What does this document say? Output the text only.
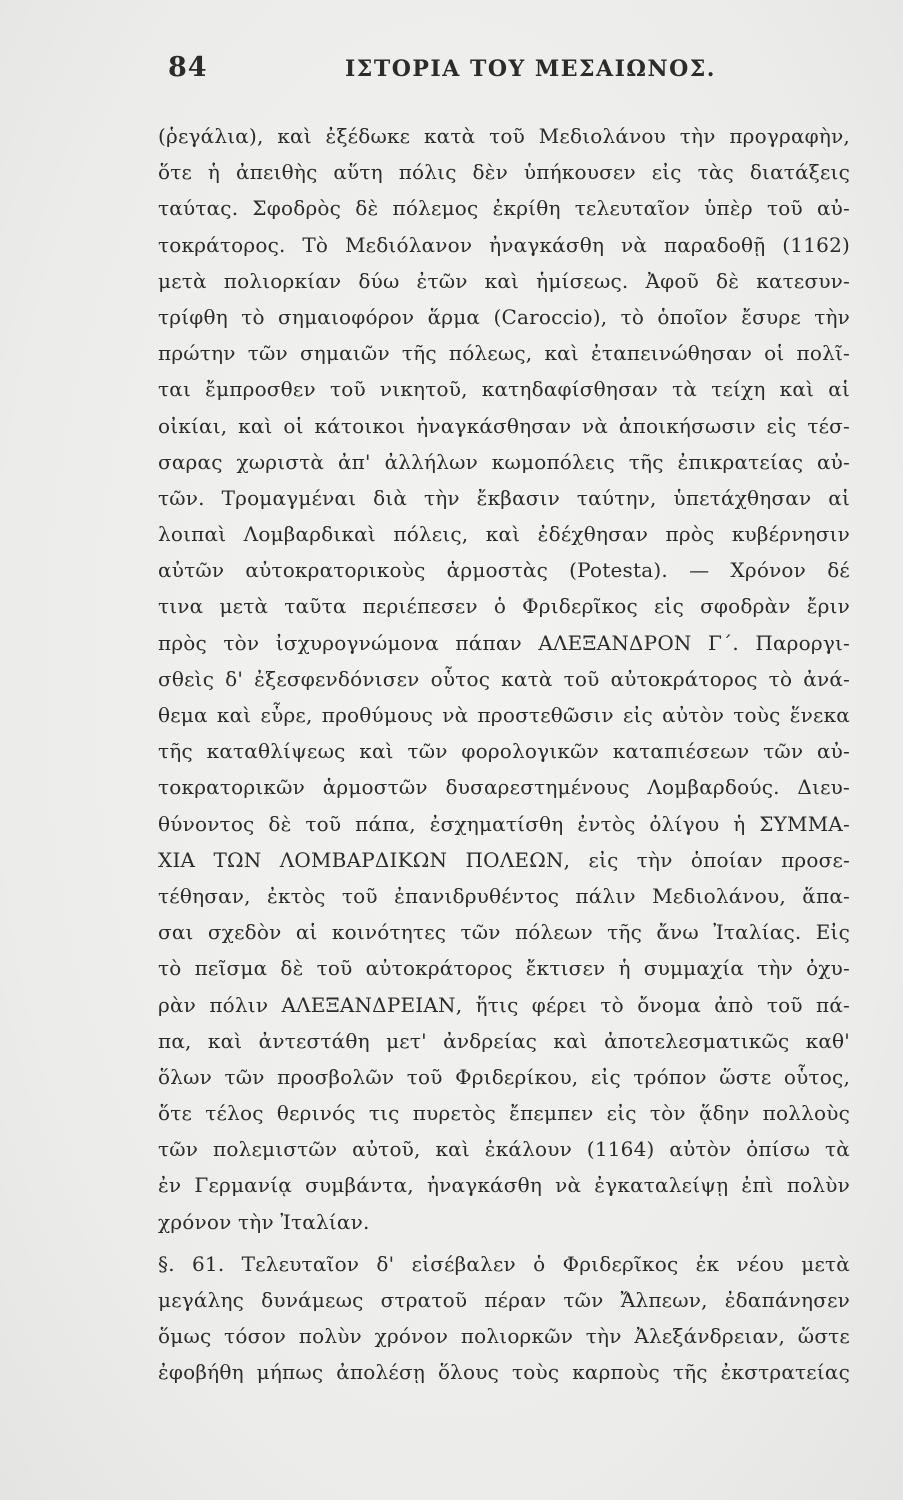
84	ΙΣΤΟΡΙΑ ΤΟΥ ΜΕΣΑΙΩΝΟΣ.
(ῥεγάλια), καὶ ἐξέδωκε κατὰ τοῦ Μεδιολάνου τὴν προγραφὴν,
ὅτε ἡ ἀπειθὴς αὕτη πόλις δὲν ὑπήκουσεν εἰς τὰς διατάξεις
ταύτας. Σφοδρὸς δὲ πόλεμος ἐκρίθη τελευταῖον ὑπὲρ τοῦ αὐ-
τοκράτορος. Τὸ Μεδιόλανον ἠναγκάσθη νὰ παραδοθῇ (1162)
μετὰ πολιορκίαν δύω ἐτῶν καὶ ἡμίσεως. Ἀφοῦ δὲ κατεσυν-
τρίφθη τὸ σημαιοφόρον ἅρμα (Caroccio), τὸ ὁποῖον ἔσυρε τὴν
πρώτην τῶν σημαιῶν τῆς πόλεως, καὶ ἐταπεινώθησαν οἱ πολῖ-
ται ἔμπροσθεν τοῦ νικητοῦ, κατηδαφίσθησαν τὰ τείχη καὶ αἱ
οἰκίαι, καὶ οἱ κάτοικοι ἠναγκάσθησαν νὰ ἀποικήσωσιν εἰς τέσ-
σαρας χωριστὰ ἀπ' ἀλλήλων κωμοπόλεις τῆς ἐπικρατείας αὐ-
τῶν. Τρομαγμέναι διὰ τὴν ἔκβασιν ταύτην, ὑπετάχθησαν αἱ
λοιπαὶ Λομβαρδικαὶ πόλεις, καὶ ἐδέχθησαν πρὸς κυβέρνησιν
αὐτῶν αὐτοκρατορικοὺς ἁρμοστὰς (Potesta). — Χρόνον δέ
τινα μετὰ ταῦτα περιέπεσεν ὁ Φριδερῖκος εἰς σφοδρὰν ἔριν
πρὸς τὸν ἰσχυρογνώμονα πάπαν ΑΛΕΞΑΝΔΡΟΝ Γ΄. Παροργι-
σθεὶς δ' ἐξεσφενδόνισεν οὗτος κατὰ τοῦ αὐτοκράτορος τὸ ἀνά-
θεμα καὶ εὗρε, προθύμους νὰ προστεθῶσιν εἰς αὐτὸν τοὺς ἕνεκα
τῆς καταθλίψεως καὶ τῶν φορολογικῶν καταπιέσεων τῶν αὐ-
τοκρατορικῶν ἁρμοστῶν δυσαρεστημένους Λομβαρδούς. Διευ-
θύνοντος δὲ τοῦ πάπα, ἐσχηματίσθη ἐντὸς ὀλίγου ἡ ΣΥΜΜΑ-
ΧΙΑ ΤΩΝ ΛΟΜΒΑΡΔΙΚΩΝ ΠΟΛΕΩΝ, εἰς τὴν ὁποίαν προσε-
τέθησαν, ἐκτὸς τοῦ ἐπανιδρυθέντος πάλιν Μεδιολάνου, ἅπα-
σαι σχεδὸν αἱ κοινότητες τῶν πόλεων τῆς ἄνω Ἰταλίας. Εἰς
τὸ πεῖσμα δὲ τοῦ αὐτοκράτορος ἔκτισεν ἡ συμμαχία τὴν ὀχυ-
ρὰν πόλιν ΑΛΕΞΑΝΔΡΕΙΑΝ, ἥτις φέρει τὸ ὄνομα ἀπὸ τοῦ πά-
πα, καὶ ἀντεστάθη μετ' ἀνδρείας καὶ ἀποτελεσματικῶς καθ'
ὅλων τῶν προσβολῶν τοῦ Φριδερίκου, εἰς τρόπον ὥστε οὗτος,
ὅτε τέλος θερινός τις πυρετὸς ἔπεμπεν εἰς τὸν ᾅδην πολλοὺς
τῶν πολεμιστῶν αὐτοῦ, καὶ ἐκάλουν (1164) αὐτὸν ὀπίσω τὰ
ἐν Γερμανίᾳ συμβάντα, ἠναγκάσθη νὰ ἐγκαταλείψῃ ἐπὶ πολὺν
χρόνον τὴν Ἰταλίαν.
§. 61. Τελευταῖον δ' εἰσέβαλεν ὁ Φριδερῖκος ἐκ νέου μετὰ
μεγάλης δυνάμεως στρατοῦ πέραν τῶν Ἄλπεων, ἐδαπάνησεν
ὅμως τόσον πολὺν χρόνον πολιορκῶν τὴν Ἀλεξάνδρειαν, ὥστε
ἐφοβήθη μήπως ἀπολέσῃ ὅλους τοὺς καρποὺς τῆς ἐκστρατείας
